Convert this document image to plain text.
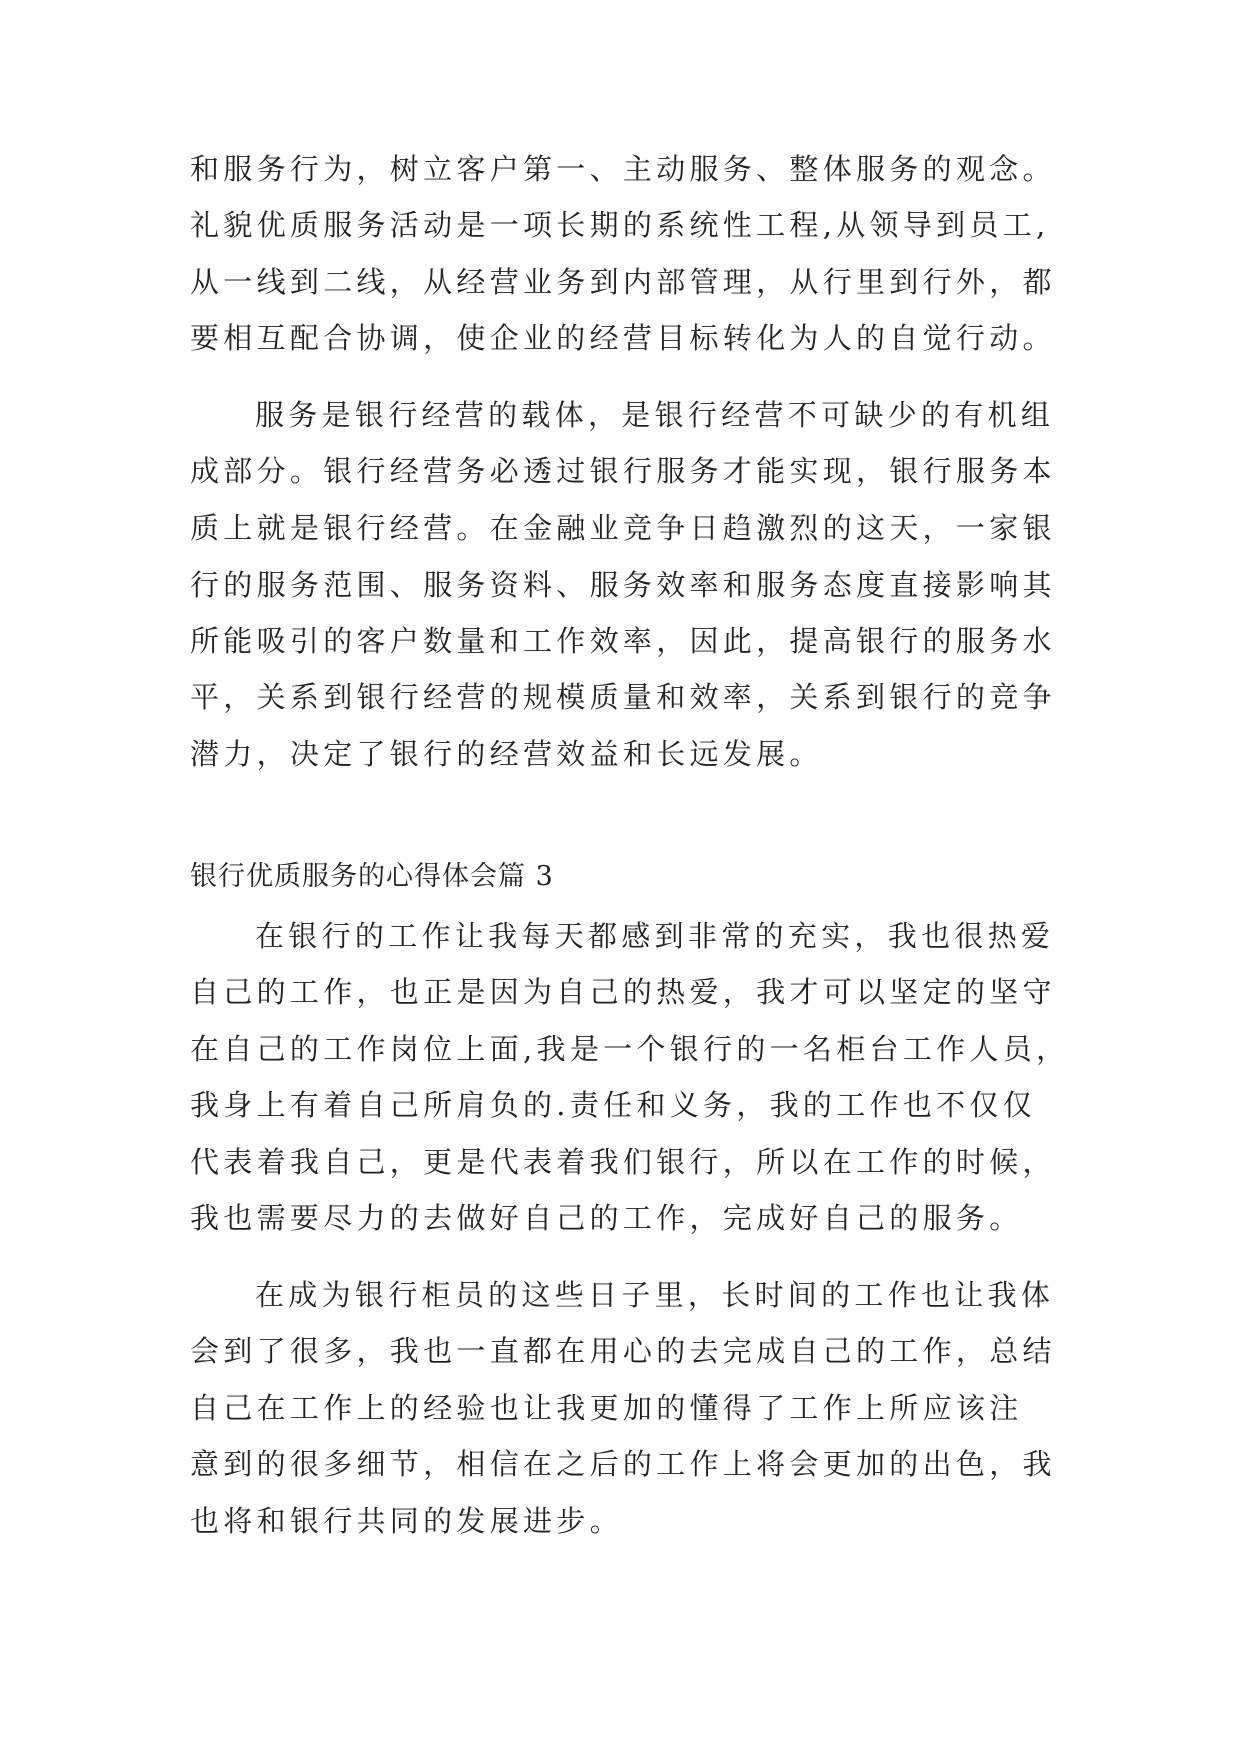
和服务行为，树立客户第一、主动服务、整体服务的观念。
礼貌优质服务活动是一项长期的系统性工程,从领导到员工,
从一线到二线，从经营业务到内部管理，从行里到行外，都
要相互配合协调，使企业的经营目标转化为人的自觉行动。
服务是银行经营的载体，是银行经营不可缺少的有机组
成部分。银行经营务必透过银行服务才能实现，银行服务本
质上就是银行经营。在金融业竞争日趋激烈的这天，一家银
行的服务范围、服务资料、服务效率和服务态度直接影响其
所能吸引的客户数量和工作效率，因此，提高银行的服务水
平，关系到银行经营的规模质量和效率，关系到银行的竞争
潜力，决定了银行的经营效益和长远发展。
银行优质服务的心得体会篇 3
在银行的工作让我每天都感到非常的充实，我也很热爱
自己的工作，也正是因为自己的热爱，我才可以坚定的坚守
在自己的工作岗位上面,我是一个银行的一名柜台工作人员，
我身上有着自己所肩负的.责任和义务，我的工作也不仅仅
代表着我自己，更是代表着我们银行，所以在工作的时候，
我也需要尽力的去做好自己的工作，完成好自己的服务。
在成为银行柜员的这些日子里，长时间的工作也让我体
会到了很多，我也一直都在用心的去完成自己的工作，总结
自己在工作上的经验也让我更加的懂得了工作上所应该注
意到的很多细节，相信在之后的工作上将会更加的出色，我
也将和银行共同的发展进步。
